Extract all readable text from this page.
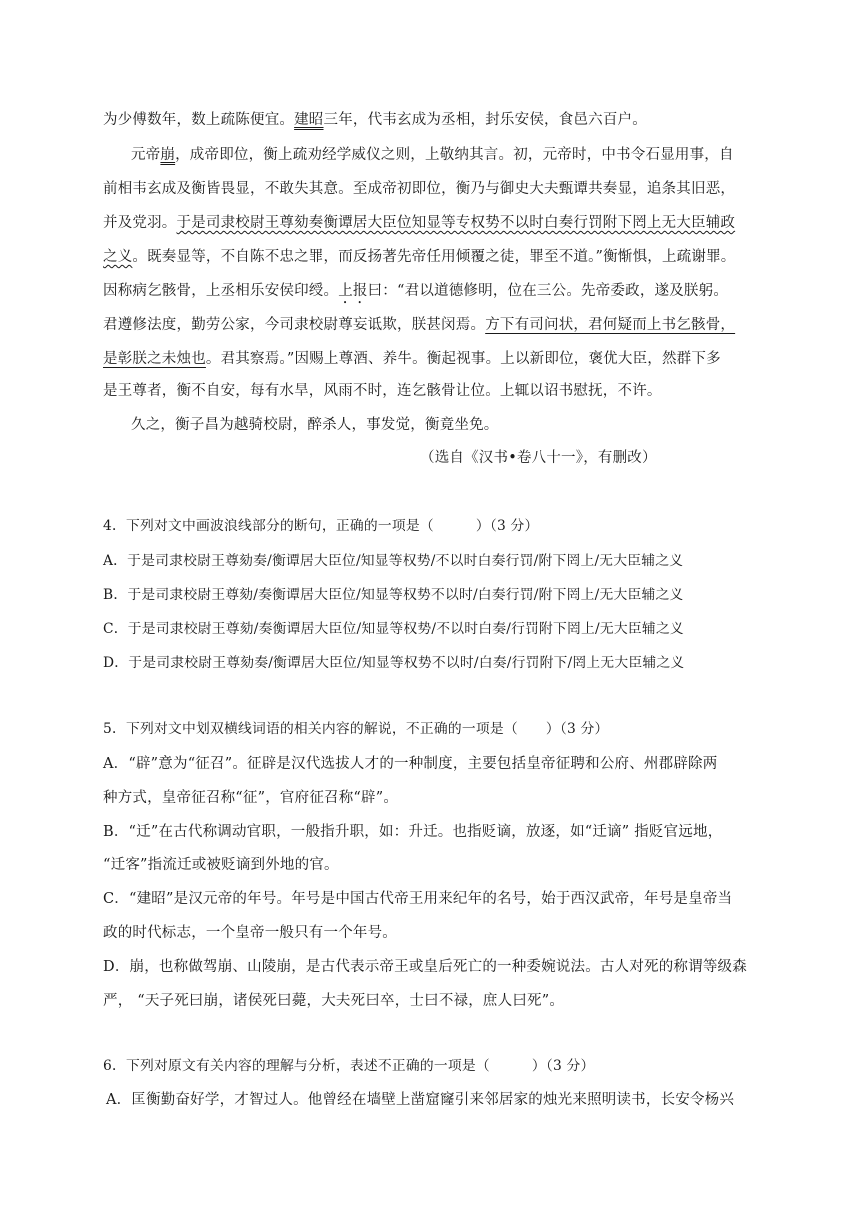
为少傅数年，数上疏陈便宜。建昭三年，代韦玄成为丞相，封乐安侯，食邑六百户。
元帝崩，成帝即位，衡上疏劝经学威仪之则，上敬纳其言。初，元帝时，中书令石显用事，自
前相韦玄成及衡皆畏显，不敢失其意。至成帝初即位，衡乃与御史大夫甄谭共奏显，追条其旧恶，
并及党羽。于是司隶校尉王尊劾奏衡谭居大臣位知显等专权势不以时白奏行罚附下罔上无大臣辅政
之义。既奏显等，不自陈不忠之罪，而反扬著先帝任用倾覆之徒，罪至不道。”衡惭惧，上疏谢罪。
因称病乞骸骨，上丞相乐安侯印绶。上报曰：“君以道德修明，位在三公。先帝委政，遂及朕躬。
君遵修法度，勤劳公家，今司隶校尉尊妄诋欺，朕甚闵焉。方下有司问状，君何疑而上书乞骸骨，
是彰朕之未烛也。君其察焉。”因赐上尊酒、养牛。衡起视事。上以新即位，褒优大臣，然群下多
是王尊者，衡不自安，每有水旱，风雨不时，连乞骸骨让位。上辄以诏书慰抚，不许。
久之，衡子昌为越骑校尉，醉杀人，事发觉，衡竟坐免。
（选自《汉书•卷八十一》，有删改）
4．下列对文中画波浪线部分的断句，正确的一项是（　　　）（3 分）
A．于是司隶校尉王尊劾奏/衡谭居大臣位/知显等权势/不以时白奏行罚/附下罔上/无大臣辅之义
B．于是司隶校尉王尊劾/奏衡谭居大臣位/知显等权势不以时/白奏行罚/附下罔上/无大臣辅之义
C．于是司隶校尉王尊劾/奏衡谭居大臣位/知显等权势/不以时白奏/行罚附下罔上/无大臣辅之义
D．于是司隶校尉王尊劾奏/衡谭居大臣位/知显等权势不以时/白奏/行罚附下/罔上无大臣辅之义
5．下列对文中划双横线词语的相关内容的解说，不正确的一项是（　　）（3 分）
A．“辟”意为“征召”。征辟是汉代选拔人才的一种制度，主要包括皇帝征聘和公府、州郡辟除两
种方式，皇帝征召称“征”，官府征召称“辟”。
B．“迁”在古代称调动官职，一般指升职，如：升迁。也指贬谪，放逐，如“迁谪” 指贬官远地，
“迁客”指流迁或被贬谪到外地的官。
C．“建昭”是汉元帝的年号。年号是中国古代帝王用来纪年的名号，始于西汉武帝，年号是皇帝当
政的时代标志，一个皇帝一般只有一个年号。
D．崩，也称做驾崩、山陵崩，是古代表示帝王或皇后死亡的一种委婉说法。古人对死的称谓等级森
严， “天子死曰崩，诸侯死曰薨，大夫死曰卒，士曰不禄，庶人曰死”。
6．下列对原文有关内容的理解与分析，表述不正确的一项是（　　　）（3 分）
A．匡衡勤奋好学，才智过人。他曾经在墙壁上凿窟窿引来邻居家的烛光来照明读书，长安令杨兴
